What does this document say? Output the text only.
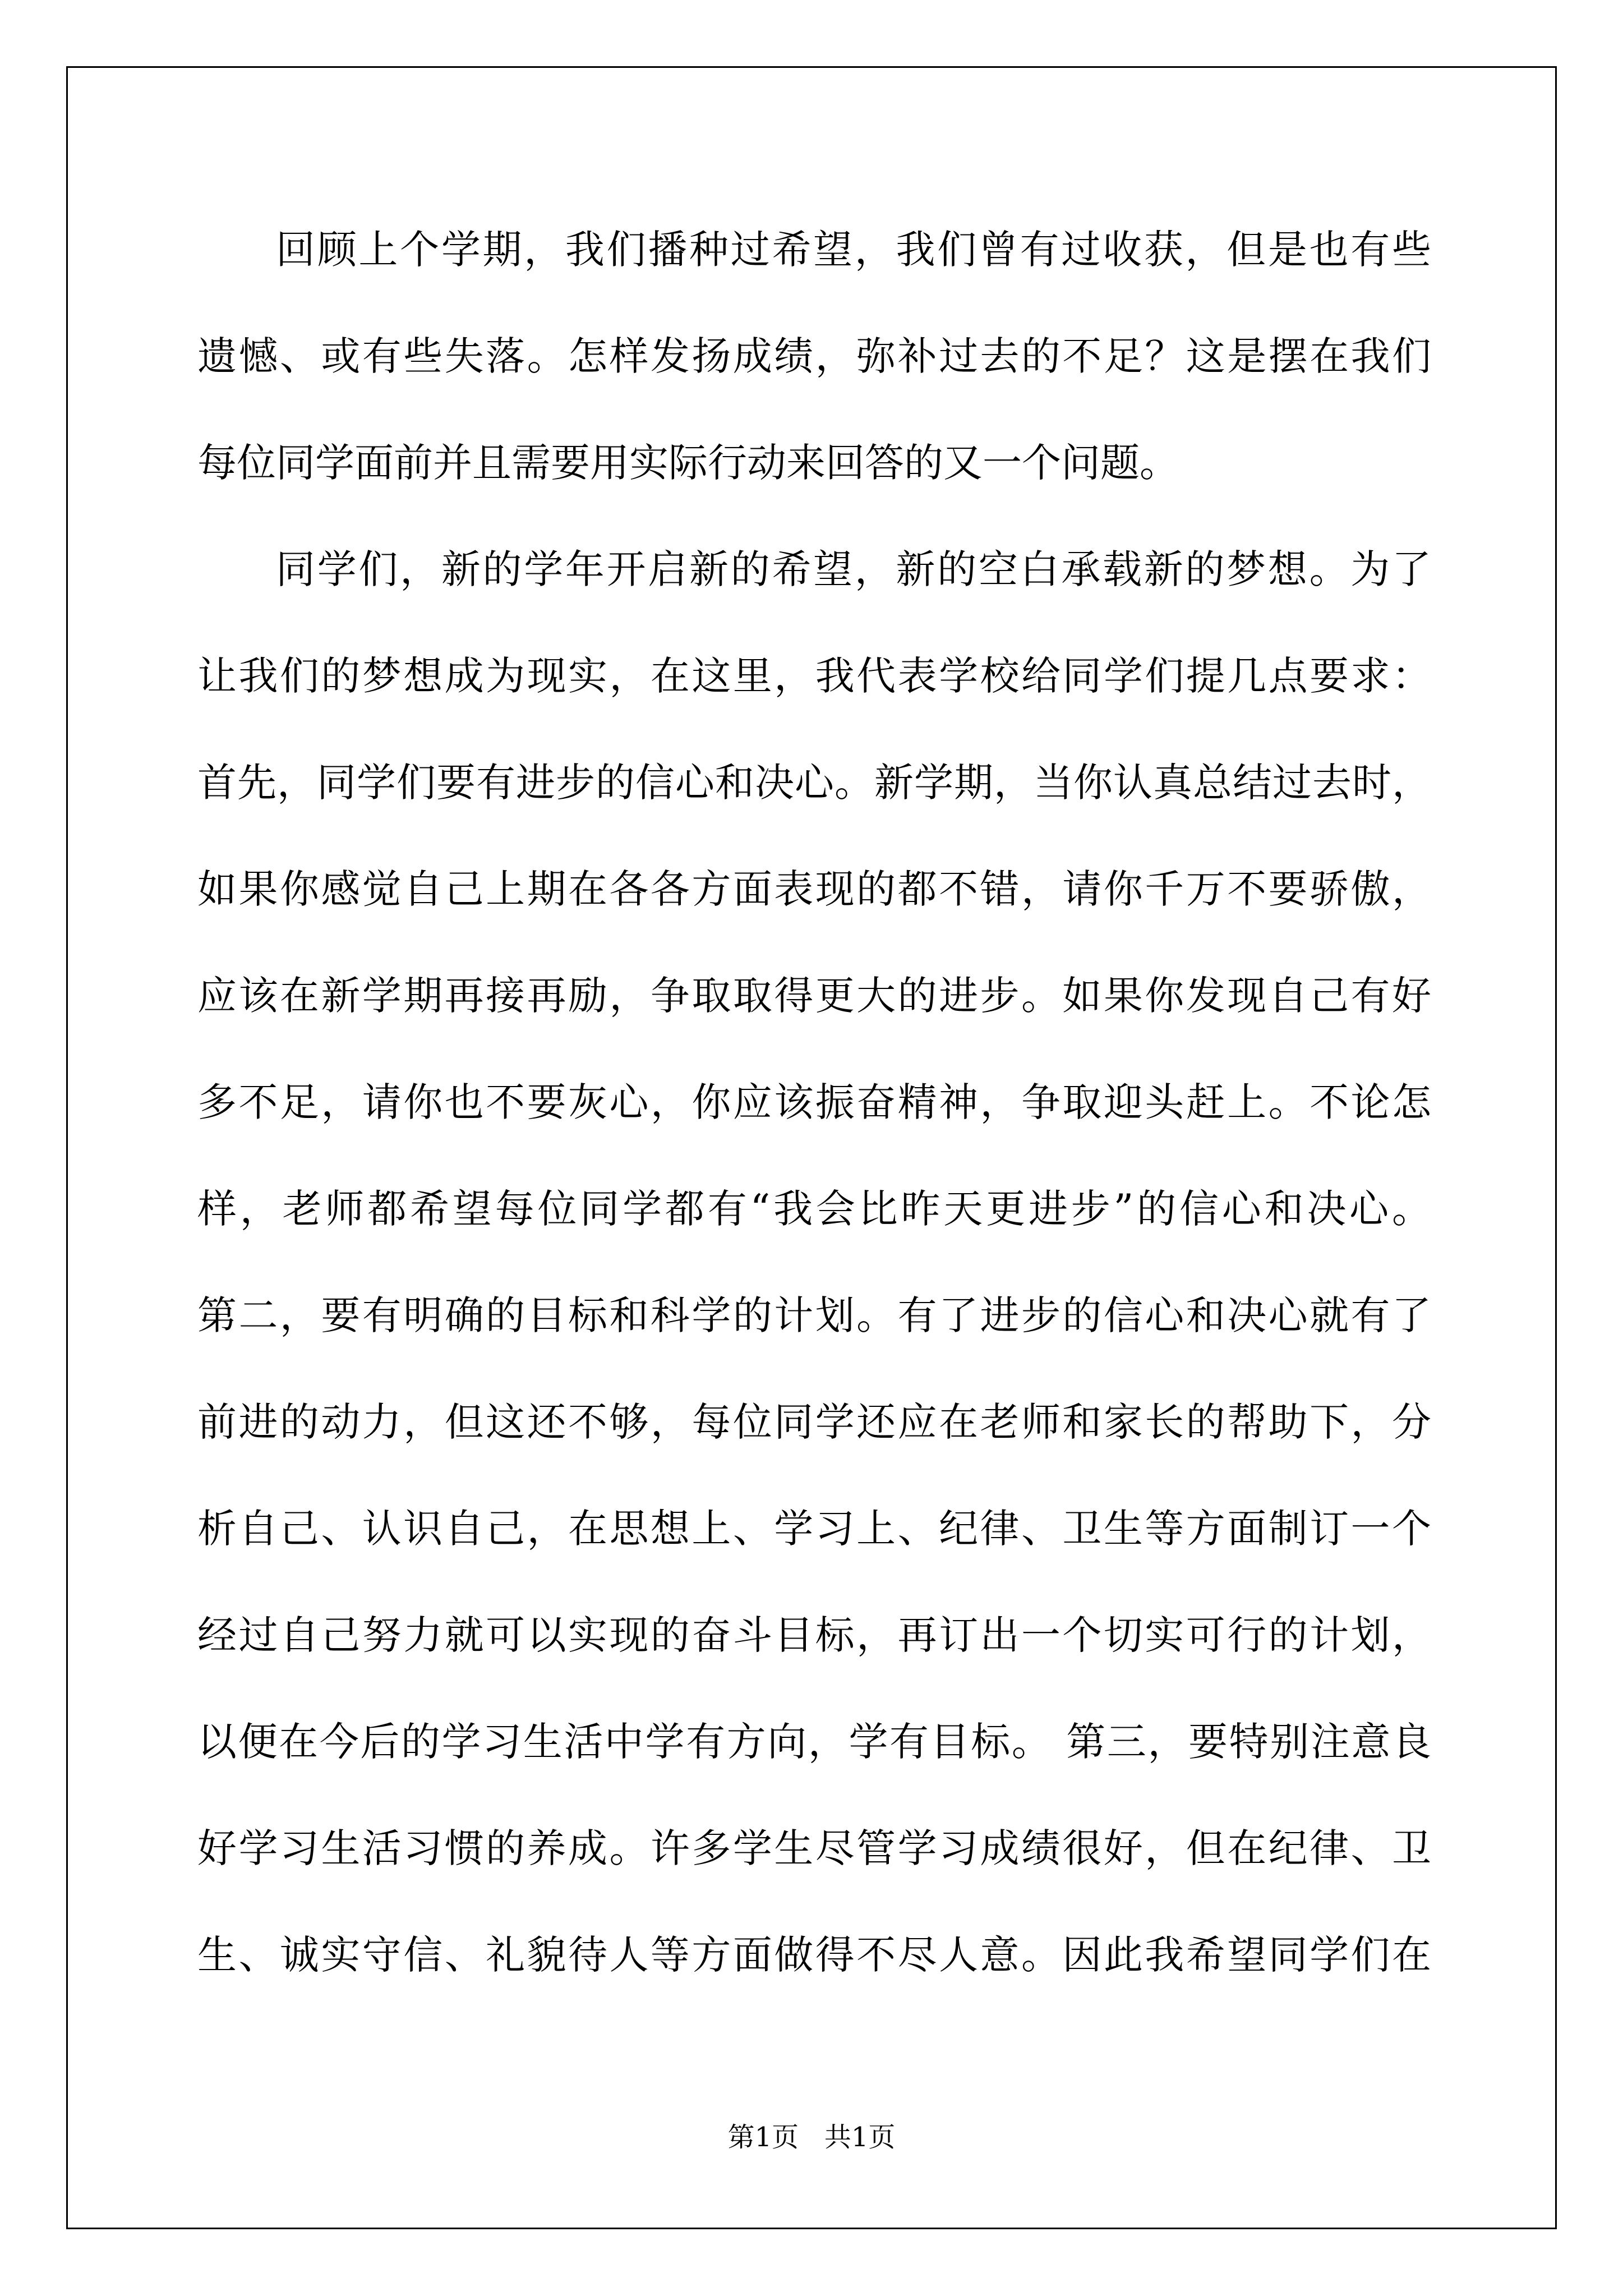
回顾上个学期，我们播种过希望，我们曾有过收获，但是也有些
遗憾、或有些失落。怎样发扬成绩，弥补过去的不足？这是摆在我们
每位同学面前并且需要用实际行动来回答的又一个问题。
同学们，新的学年开启新的希望，新的空白承载新的梦想。为了
让我们的梦想成为现实，在这里，我代表学校给同学们提几点要求：
首先，同学们要有进步的信心和决心。新学期，当你认真总结过去时，
如果你感觉自己上期在各各方面表现的都不错，请你千万不要骄傲，
应该在新学期再接再励，争取取得更大的进步。如果你发现自己有好
多不足，请你也不要灰心，你应该振奋精神，争取迎头赶上。不论怎
样，老师都希望每位同学都有“我会比昨天更进步”的信心和决心。
第二，要有明确的目标和科学的计划。有了进步的信心和决心就有了
前进的动力，但这还不够，每位同学还应在老师和家长的帮助下，分
析自己、认识自己，在思想上、学习上、纪律、卫生等方面制订一个
经过自己努力就可以实现的奋斗目标，再订出一个切实可行的计划，
以便在今后的学习生活中学有方向，学有目标。 第三，要特别注意良
好学习生活习惯的养成。许多学生尽管学习成绩很好，但在纪律、卫
生、诚实守信、礼貌待人等方面做得不尽人意。因此我希望同学们在
第1页 共1页
